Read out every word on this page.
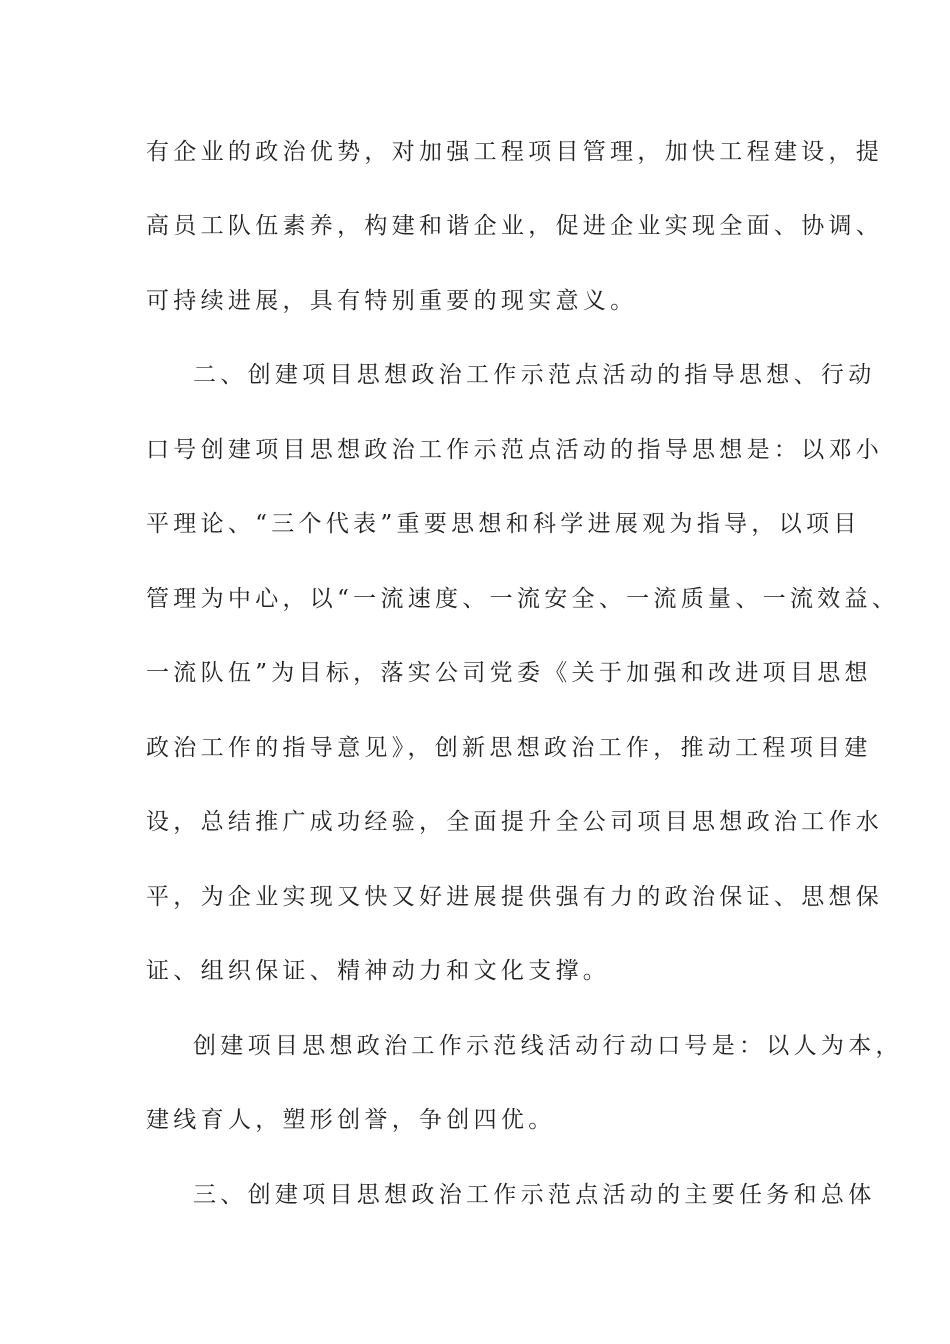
有企业的政治优势，对加强工程项目管理，加快工程建设，提
高员工队伍素养，构建和谐企业，促进企业实现全面、协调、
可持续进展，具有特别重要的现实意义。
二、创建项目思想政治工作示范点活动的指导思想、行动
口号创建项目思想政治工作示范点活动的指导思想是：以邓小
平理论、“三个代表”重要思想和科学进展观为指导，以项目
管理为中心，以“一流速度、一流安全、一流质量、一流效益、
一流队伍”为目标，落实公司党委《关于加强和改进项目思想
政治工作的指导意见》，创新思想政治工作，推动工程项目建
设，总结推广成功经验，全面提升全公司项目思想政治工作水
平，为企业实现又快又好进展提供强有力的政治保证、思想保
证、组织保证、精神动力和文化支撑。
创建项目思想政治工作示范线活动行动口号是：以人为本，
建线育人，塑形创誉，争创四优。
三、创建项目思想政治工作示范点活动的主要任务和总体
